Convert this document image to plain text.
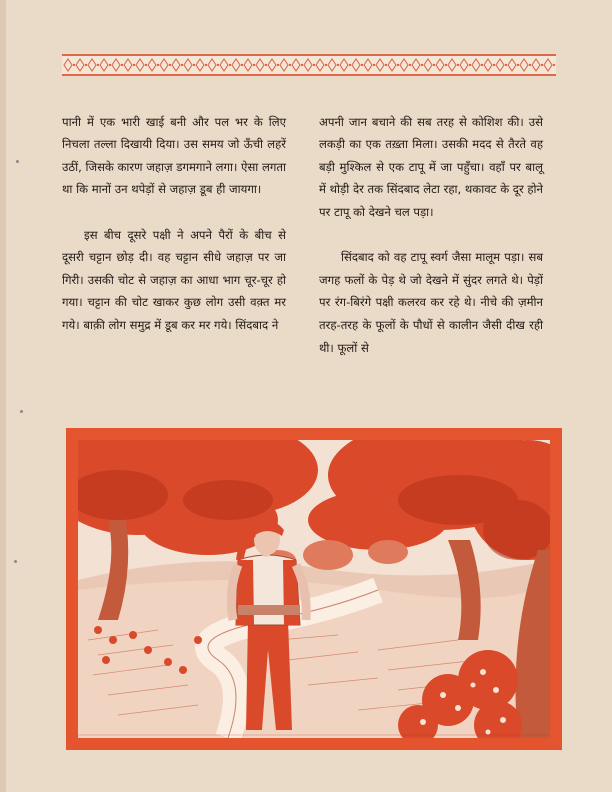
पानी में एक भारी खाई बनी और पल भर के लिए निचला तल्ला दिखायी दिया। उस समय जो ऊँची लहरें उठीं, जिसके कारण जहाज़ डगमगाने लगा। ऐसा लगता था कि मानों उन थपेड़ों से जहाज़ डूब ही जायगा।

इस बीच दूसरे पक्षी ने अपने पैरों के बीच से दूसरी चट्टान छोड़ दी। वह चट्टान सीधे जहाज़ पर जा गिरी। उसकी चोट से जहाज़ का आधा भाग चूर-चूर हो गया। चट्टान की चोट खाकर कुछ लोग उसी वक़्त मर गये। बाक़ी लोग समुद्र में डूब कर मर गये। सिंदबाद ने

अपनी जान बचाने की सब तरह से कोशिश की। उसे लकड़ी का एक तख़्ता मिला। उसकी मदद से तैरते वह बड़ी मुश्किल से एक टापू में जा पहुँचा। वहाँ पर बालू में थोड़ी देर तक सिंदबाद लेटा रहा, थकावट के दूर होने पर टापू को देखने चल पड़ा।

सिंदबाद को वह टापू स्वर्ग जैसा मालूम पड़ा। सब जगह फलों के पेड़ थे जो देखने में सुंदर लगते थे। पेड़ों पर रंग-बिरंगे पक्षी कलरव कर रहे थे। नीचे की ज़मीन तरह-तरह के फूलों के पौधों से कालीन जैसी दीख रही थी। फूलों से
